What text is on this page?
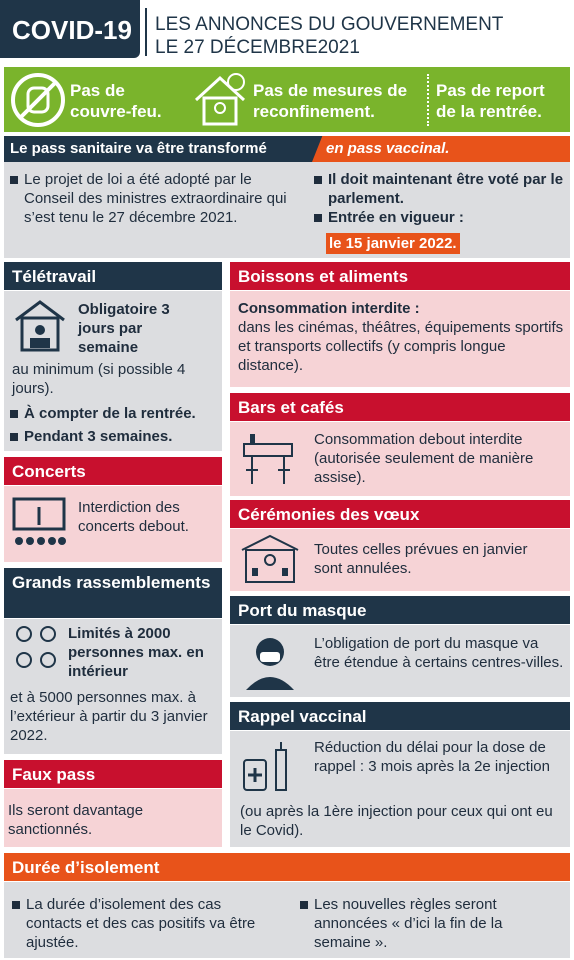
COVID-19 LES ANNONCES DU GOUVERNEMENT
LE 27 DÉCEMBRE2021
Pas de couvre-feu.
Pas de mesures de reconfinement.
Pas de report de la rentrée.
Le pass sanitaire va être transformé	en pass vaccinal.
Le projet de loi a été adopté par le Conseil des ministres extraordinaire qui s’est tenu le 27 décembre 2021.
Il doit maintenant être voté par le parlement.
Entrée en vigueur :
le 15 janvier 2022.
Télétravail
Obligatoire 3 jours par semaine
au minimum (si possible 4 jours).
À compter de la rentrée.
Pendant 3 semaines.
Concerts
Interdiction des concerts debout.
Grands rassemblements
Limités à 2000 personnes max. en intérieur
et à 5000 personnes max. à l’extérieur à partir du 3 janvier 2022.
Faux pass
Ils seront davantage sanctionnés.
Boissons et aliments
Consommation interdite :
dans les cinémas, théâtres, équipements sportifs et transports collectifs (y compris longue distance).
Bars et cafés
Consommation debout interdite (autorisée seulement de manière assise).
Cérémonies des vœux
Toutes celles prévues en janvier sont annulées.
Port du masque
L’obligation de port du masque va être étendue à certains centres-villes.
Rappel vaccinal
Réduction du délai pour la dose de rappel : 3 mois après la 2e injection
(ou après la 1ère injection pour ceux qui ont eu le Covid).
Durée d’isolement
La durée d’isolement des cas contacts et des cas positifs va être ajustée.
Les nouvelles règles seront annoncées « d’ici la fin de la semaine ».
